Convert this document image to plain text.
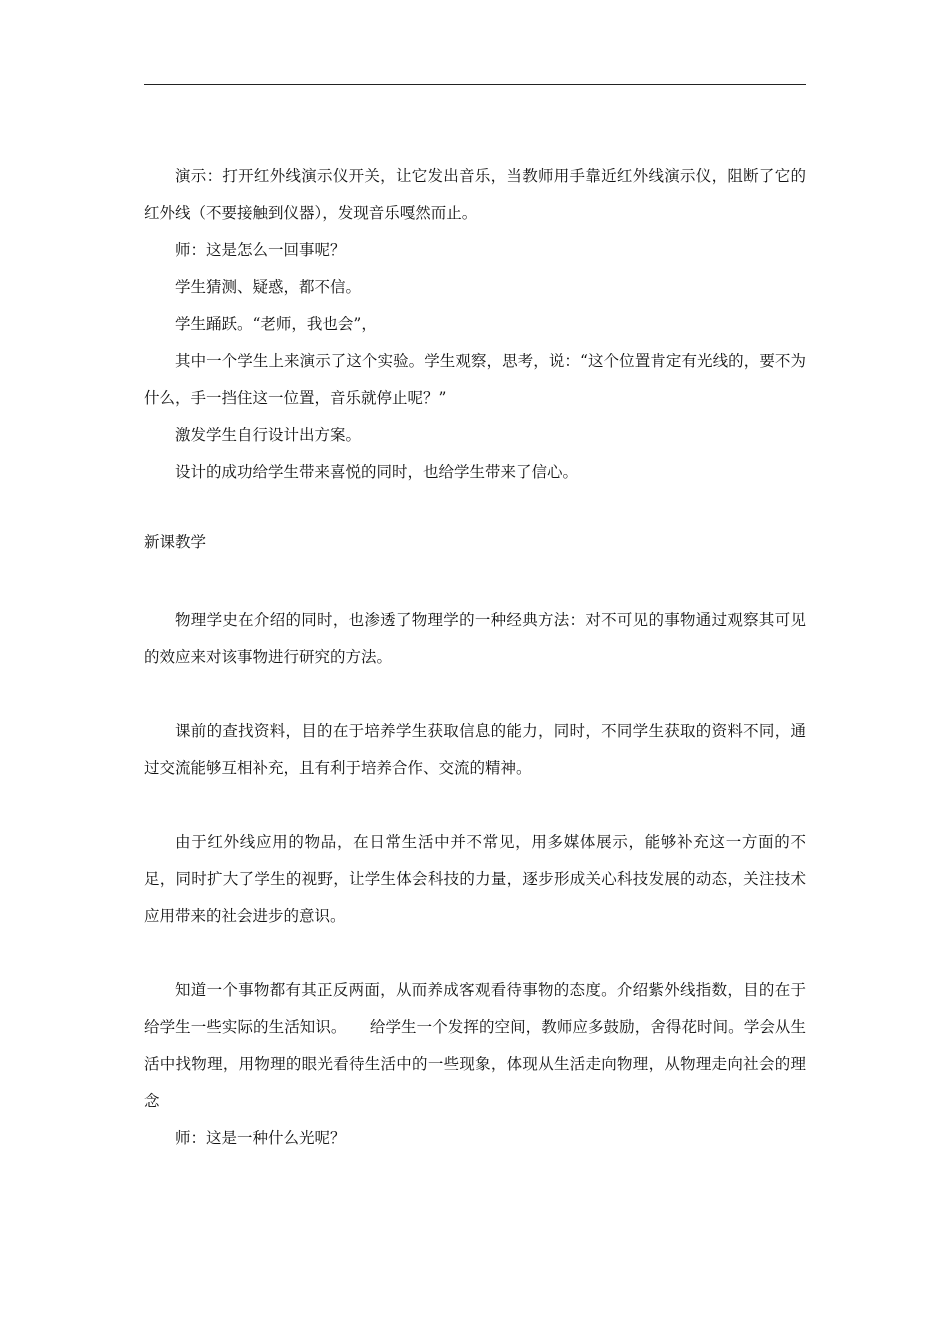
演示：打开红外线演示仪开关，让它发出音乐，当教师用手靠近红外线演示仪，阻断了它的红外线（不要接触到仪器），发现音乐嘎然而止。

师：这是怎么一回事呢？

学生猜测、疑惑，都不信。

学生踊跃。“老师，我也会”，

其中一个学生上来演示了这个实验。学生观察，思考，说：“这个位置肯定有光线的，要不为什么，手一挡住这一位置，音乐就停止呢？”

激发学生自行设计出方案。

设计的成功给学生带来喜悦的同时，也给学生带来了信心。

新课教学

物理学史在介绍的同时，也渗透了物理学的一种经典方法：对不可见的事物通过观察其可见的效应来对该事物进行研究的方法。

课前的查找资料，目的在于培养学生获取信息的能力，同时，不同学生获取的资料不同，通过交流能够互相补充，且有利于培养合作、交流的精神。

由于红外线应用的物品，在日常生活中并不常见，用多媒体展示，能够补充这一方面的不足，同时扩大了学生的视野，让学生体会科技的力量，逐步形成关心科技发展的动态，关注技术应用带来的社会进步的意识。

知道一个事物都有其正反两面，从而养成客观看待事物的态度。介绍紫外线指数，目的在于给学生一些实际的生活知识。　　给学生一个发挥的空间，教师应多鼓励，舍得花时间。学会从生活中找物理，用物理的眼光看待生活中的一些现象，体现从生活走向物理，从物理走向社会的理念

师：这是一种什么光呢？
